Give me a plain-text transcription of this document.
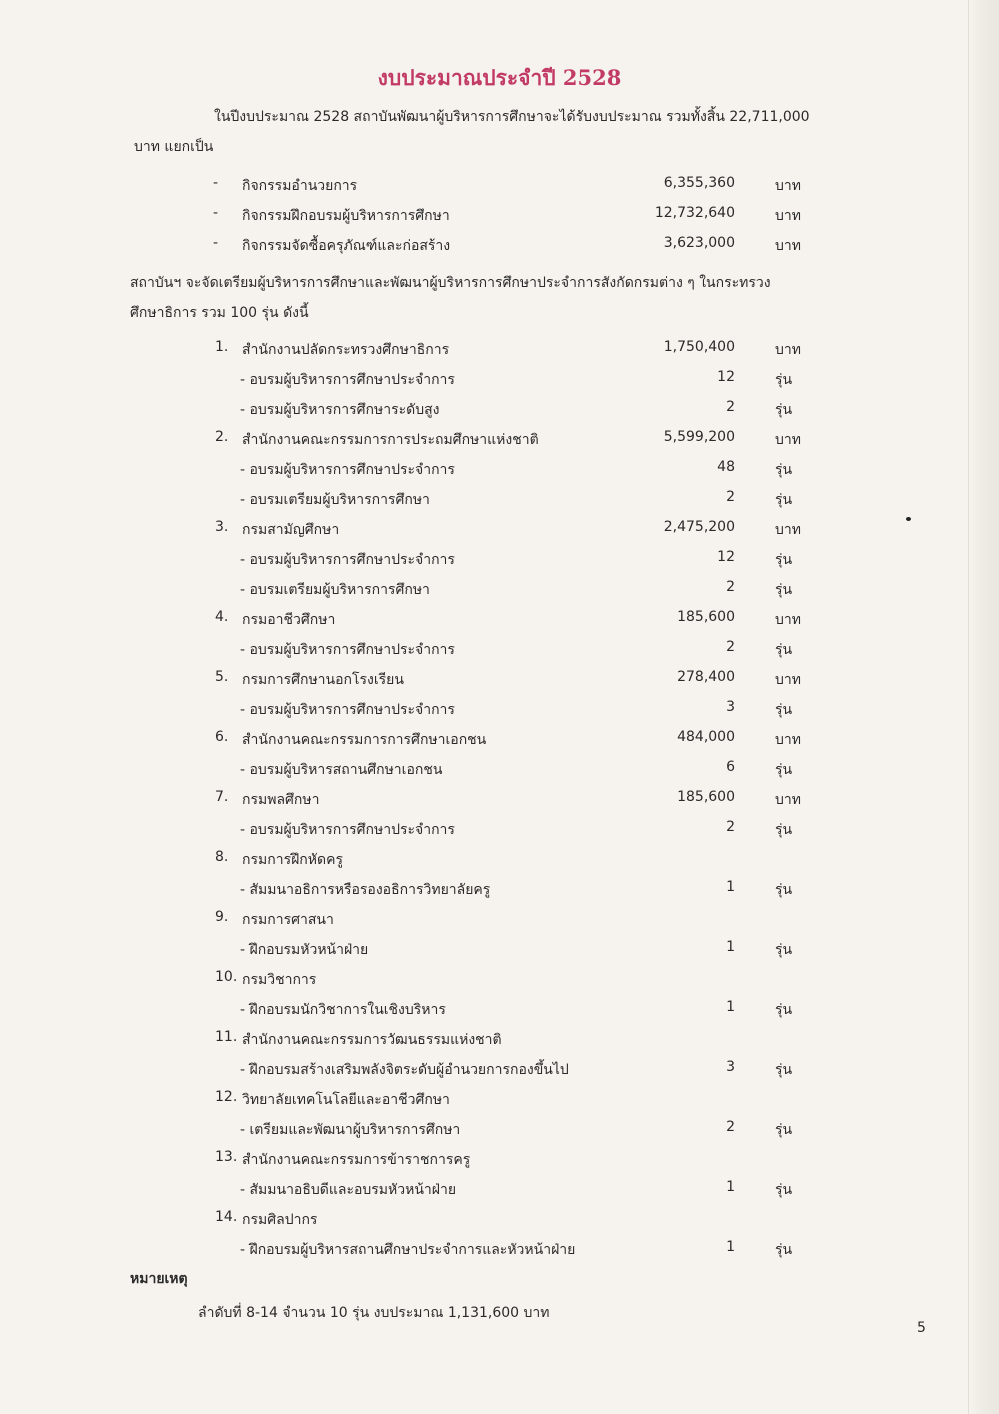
งบประมาณประจำปี 2528
ในปีงบประมาณ 2528 สถาบันพัฒนาผู้บริหารการศึกษาจะได้รับงบประมาณ รวมทั้งสิ้น 22,711,000
บาท แยกเป็น
- กิจกรรมอำนวยการ	6,355,360	บาท
- กิจกรรมฝึกอบรมผู้บริหารการศึกษา	12,732,640	บาท
- กิจกรรมจัดซื้อครุภัณฑ์และก่อสร้าง	3,623,000	บาท
สถาบันฯ จะจัดเตรียมผู้บริหารการศึกษาและพัฒนาผู้บริหารการศึกษาประจำการสังกัดกรมต่าง ๆ ในกระทรวง
ศึกษาธิการ รวม 100 รุ่น ดังนี้
1. สำนักงานปลัดกระทรวงศึกษาธิการ	1,750,400	บาท
- อบรมผู้บริหารการศึกษาประจำการ	12	รุ่น
- อบรมผู้บริหารการศึกษาระดับสูง	2	รุ่น
2. สำนักงานคณะกรรมการการประถมศึกษาแห่งชาติ	5,599,200	บาท
- อบรมผู้บริหารการศึกษาประจำการ	48	รุ่น
- อบรมเตรียมผู้บริหารการศึกษา	2	รุ่น
3. กรมสามัญศึกษา	2,475,200	บาท
- อบรมผู้บริหารการศึกษาประจำการ	12	รุ่น
- อบรมเตรียมผู้บริหารการศึกษา	2	รุ่น
4. กรมอาชีวศึกษา	185,600	บาท
- อบรมผู้บริหารการศึกษาประจำการ	2	รุ่น
5. กรมการศึกษานอกโรงเรียน	278,400	บาท
- อบรมผู้บริหารการศึกษาประจำการ	3	รุ่น
6. สำนักงานคณะกรรมการการศึกษาเอกชน	484,000	บาท
- อบรมผู้บริหารสถานศึกษาเอกชน	6	รุ่น
7. กรมพลศึกษา	185,600	บาท
- อบรมผู้บริหารการศึกษาประจำการ	2	รุ่น
8. กรมการฝึกหัดครู
- สัมมนาอธิการหรือรองอธิการวิทยาลัยครู	1	รุ่น
9. กรมการศาสนา
- ฝึกอบรมหัวหน้าฝ่าย	1	รุ่น
10. กรมวิชาการ
- ฝึกอบรมนักวิชาการในเชิงบริหาร	1	รุ่น
11. สำนักงานคณะกรรมการวัฒนธรรมแห่งชาติ
- ฝึกอบรมสร้างเสริมพลังจิตระดับผู้อำนวยการกองขึ้นไป	3	รุ่น
12. วิทยาลัยเทคโนโลยีและอาชีวศึกษา
- เตรียมและพัฒนาผู้บริหารการศึกษา	2	รุ่น
13. สำนักงานคณะกรรมการข้าราชการครู
- สัมมนาอธิบดีและอบรมหัวหน้าฝ่าย	1	รุ่น
14. กรมศิลปากร
- ฝึกอบรมผู้บริหารสถานศึกษาประจำการและหัวหน้าฝ่าย	1	รุ่น
หมายเหตุ
ลำดับที่ 8-14 จำนวน 10 รุ่น งบประมาณ 1,131,600 บาท
5
